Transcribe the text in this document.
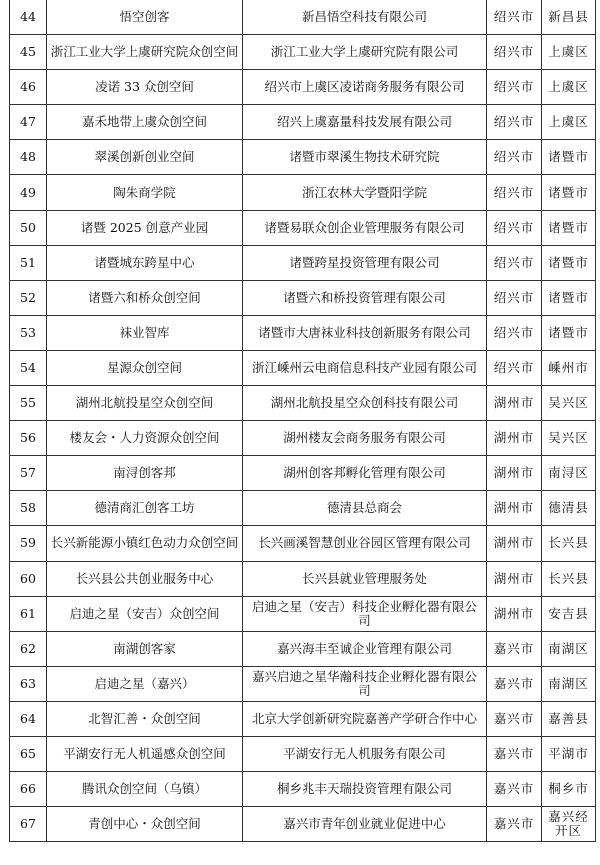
44	悟空创客	新昌悟空科技有限公司	绍兴市	新昌县
45	浙江工业大学上虞研究院众创空间	浙江工业大学上虞研究院有限公司	绍兴市	上虞区
46	凌诺 33 众创空间	绍兴市上虞区凌诺商务服务有限公司	绍兴市	上虞区
47	嘉禾地带上虞众创空间	绍兴上虞嘉量科技发展有限公司	绍兴市	上虞区
48	翠溪创新创业空间	诸暨市翠溪生物技术研究院	绍兴市	诸暨市
49	陶朱商学院	浙江农林大学暨阳学院	绍兴市	诸暨市
50	诸暨 2025 创意产业园	诸暨易联众创企业管理服务有限公司	绍兴市	诸暨市
51	诸暨城东跨星中心	诸暨跨星投资管理有限公司	绍兴市	诸暨市
52	诸暨六和桥众创空间	诸暨六和桥投资管理有限公司	绍兴市	诸暨市
53	袜业智库	诸暨市大唐袜业科技创新服务有限公司	绍兴市	诸暨市
54	星源众创空间	浙江嵊州云电商信息科技产业园有限公司	绍兴市	嵊州市
55	湖州北航投星空众创空间	湖州北航投星空众创科技有限公司	湖州市	吴兴区
56	楼友会・人力资源众创空间	湖州楼友会商务服务有限公司	湖州市	吴兴区
57	南浔创客邦	湖州创客邦孵化管理有限公司	湖州市	南浔区
58	德清商汇创客工坊	德清县总商会	湖州市	德清县
59	长兴新能源小镇红色动力众创空间	长兴画溪智慧创业谷园区管理有限公司	湖州市	长兴县
60	长兴县公共创业服务中心	长兴县就业管理服务处	湖州市	长兴县
61	启迪之星（安吉）众创空间	启迪之星（安吉）科技企业孵化器有限公司	湖州市	安吉县
62	南湖创客家	嘉兴海丰至诚企业管理有限公司	嘉兴市	南湖区
63	启迪之星（嘉兴）	嘉兴启迪之星华瀚科技企业孵化器有限公司	嘉兴市	南湖区
64	北智汇善・众创空间	北京大学创新研究院嘉善产学研合作中心	嘉兴市	嘉善县
65	平湖安行无人机遥感众创空间	平湖安行无人机服务有限公司	嘉兴市	平湖市
66	腾讯众创空间（乌镇）	桐乡兆丰天瑞投资管理有限公司	嘉兴市	桐乡市
67	青创中心・众创空间	嘉兴市青年创业就业促进中心	嘉兴市	嘉兴经开区
